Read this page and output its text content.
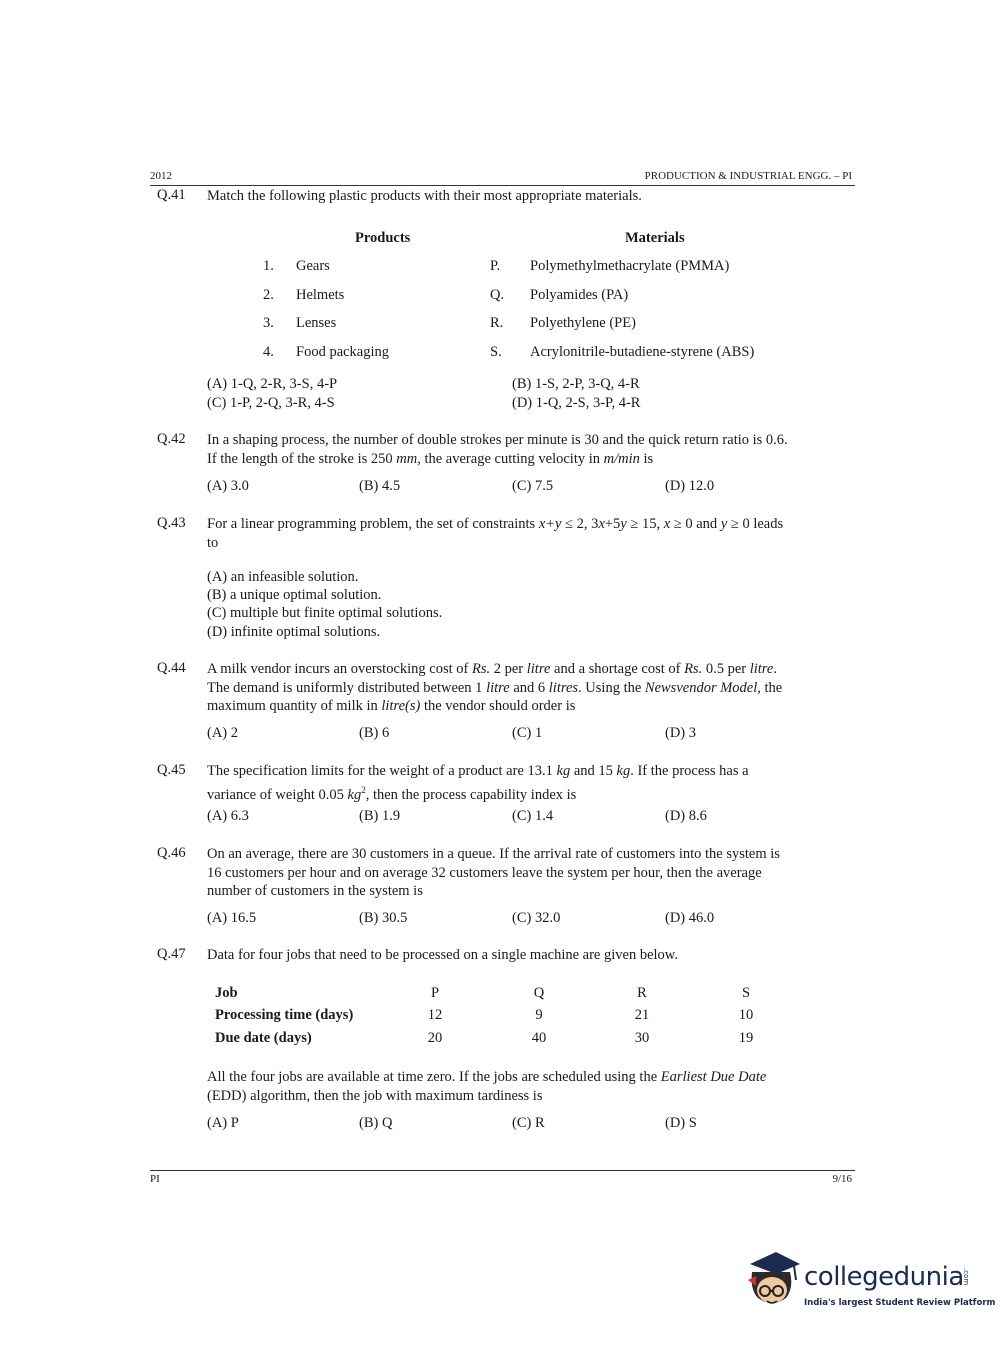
2012	PRODUCTION & INDUSTRIAL ENGG. – PI
Q.41 Match the following plastic products with their most appropriate materials.
Products	Materials
1. Gears	P. Polymethylmethacrylate (PMMA)
2. Helmets	Q. Polyamides (PA)
3. Lenses	R. Polyethylene (PE)
4. Food packaging	S. Acrylonitrile-butadiene-styrene (ABS)
(A) 1-Q, 2-R, 3-S, 4-P	(B) 1-S, 2-P, 3-Q, 4-R
(C) 1-P, 2-Q, 3-R, 4-S	(D) 1-Q, 2-S, 3-P, 4-R
Q.42 In a shaping process, the number of double strokes per minute is 30 and the quick return ratio is 0.6.
If the length of the stroke is 250 mm, the average cutting velocity in m/min is
(A) 3.0	(B) 4.5	(C) 7.5	(D) 12.0
Q.43 For a linear programming problem, the set of constraints x+y ≤ 2, 3x+5y ≥ 15, x ≥ 0 and y ≥ 0 leads
to
(A) an infeasible solution.
(B) a unique optimal solution.
(C) multiple but finite optimal solutions.
(D) infinite optimal solutions.
Q.44 A milk vendor incurs an overstocking cost of Rs. 2 per litre and a shortage cost of Rs. 0.5 per litre.
The demand is uniformly distributed between 1 litre and 6 litres. Using the Newsvendor Model, the
maximum quantity of milk in litre(s) the vendor should order is
(A) 2	(B) 6	(C) 1	(D) 3
Q.45 The specification limits for the weight of a product are 13.1 kg and 15 kg. If the process has a
variance of weight 0.05 $kg^2$, then the process capability index is
(A) 6.3	(B) 1.9	(C) 1.4	(D) 8.6
Q.46 On an average, there are 30 customers in a queue. If the arrival rate of customers into the system is
16 customers per hour and on average 32 customers leave the system per hour, then the average
number of customers in the system is
(A) 16.5	(B) 30.5	(C) 32.0	(D) 46.0
Q.47 Data for four jobs that need to be processed on a single machine are given below.
Job	P	Q	R	S
Processing time (days)	12	9	21	10
Due date (days)	20	40	30	19
All the four jobs are available at time zero. If the jobs are scheduled using the Earliest Due Date
(EDD) algorithm, then the job with maximum tardiness is
(A) P	(B) Q	(C) R	(D) S
PI	9/16
collegedunia
.com
India's largest Student Review Platform
